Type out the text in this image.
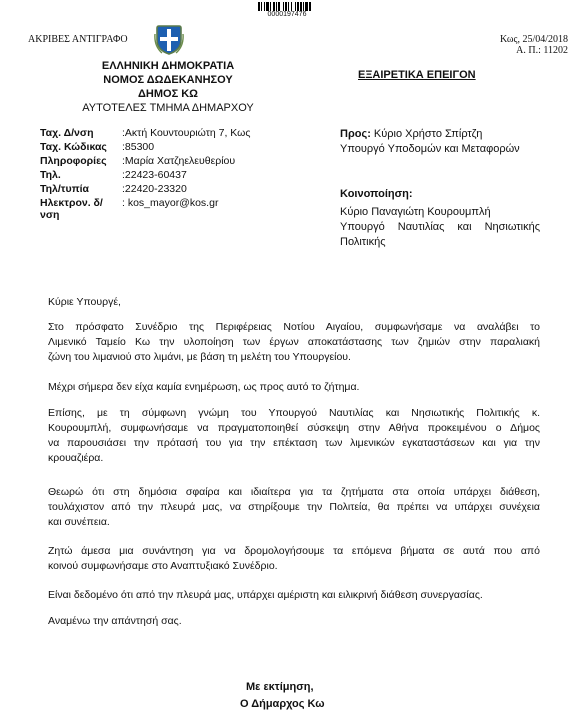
0000197476
ΑΚΡΙΒΕΣ ΑΝΤΙΓΡΑΦΟ	Κως, 25/04/2018
Α. Π.: 11202
ΕΛΛΗΝΙΚΗ ΔΗΜΟΚΡΑΤΙΑ
ΝΟΜΟΣ ΔΩΔΕΚΑΝΗΣΟΥ
ΔΗΜΟΣ ΚΩ
ΑΥΤΟΤΕΛΕΣ ΤΜΗΜΑ ΔΗΜΑΡΧΟΥ
ΕΞΑΙΡΕΤΙΚΑ ΕΠΕΙΓΟΝ
Ταχ. Δ/νση	:Ακτή Κουντουριώτη 7, Κως
Ταχ. Κώδικας	:85300
Πληροφορίες	:Μαρία Χατζηελευθερίου
Τηλ.	:22423-60437
Τηλ/τυπία	:22420-23320
Ηλεκτρον. δ/νση
: kos_mayor@kos.gr
Προς: Κύριο Χρήστο Σπίρτζη
Υπουργό Υποδομών και Μεταφορών
Κοινοποίηση:
Κύριο Παναγιώτη Κουρουμπλή
Υπουργό Ναυτιλίας και Νησιωτικής
Πολιτικής
Κύριε Υπουργέ,
Στο πρόσφατο Συνέδριο της Περιφέρειας Νοτίου Αιγαίου, συμφωνήσαμε να αναλάβει το
Λιμενικό Ταμείο Κω την υλοποίηση των έργων αποκατάστασης των ζημιών στην παραλιακή
ζώνη του λιμανιού στο λιμάνι, με βάση τη μελέτη του Υπουργείου.
Μέχρι σήμερα δεν είχα καμία ενημέρωση, ως προς αυτό το ζήτημα.
Επίσης, με τη σύμφωνη γνώμη του Υπουργού Ναυτιλίας και Νησιωτικής Πολιτικής κ.
Κουρουμπλή, συμφωνήσαμε να πραγματοποιηθεί σύσκεψη στην Αθήνα προκειμένου ο Δήμος
να παρουσιάσει την πρότασή του για την επέκταση των λιμενικών εγκαταστάσεων και για την
κρουαζιέρα.
Θεωρώ ότι στη δημόσια σφαίρα και ιδιαίτερα για τα ζητήματα στα οποία υπάρχει διάθεση,
τουλάχιστον από την πλευρά μας, να στηρίξουμε την Πολιτεία, θα πρέπει να υπάρχει συνέχεια
και συνέπεια.
Ζητώ άμεσα μια συνάντηση για να δρομολογήσουμε τα επόμενα βήματα σε αυτά που από
κοινού συμφωνήσαμε στο Αναπτυξιακό Συνέδριο.
Είναι δεδομένο ότι από την πλευρά μας, υπάρχει αμέριστη και ειλικρινή διάθεση συνεργασίας.
Αναμένω την απάντησή σας.
Με εκτίμηση,
Ο Δήμαρχος Κω
